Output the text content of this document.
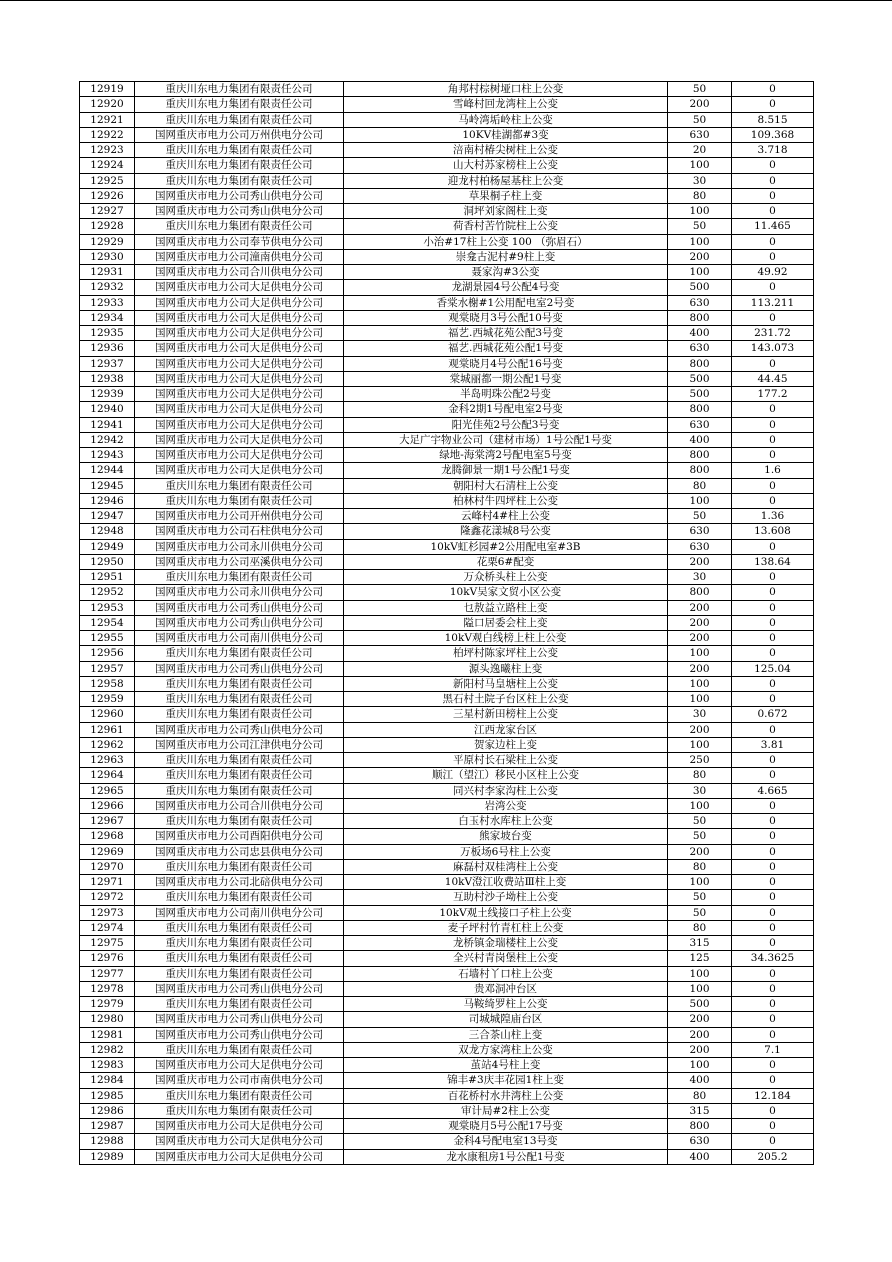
12919	重庆川东电力集团有限责任公司	角邦村棕树垭口柱上公变	50	0
12920	重庆川东电力集团有限责任公司	雪峰村回龙湾柱上公变	200	0
12921	重庆川东电力集团有限责任公司	马岭湾垢岭柱上公变	50	8.515
12922	国网重庆市电力公司万州供电分公司	10KV桂湖都#3变	630	109.368
12923	重庆川东电力集团有限责任公司	涪南村椿尖树柱上公变	20	3.718
12924	重庆川东电力集团有限责任公司	山大村苏家榜柱上公变	100	0
12925	重庆川东电力集团有限责任公司	迎龙村柏杨屋基柱上公变	30	0
12926	国网重庆市电力公司秀山供电分公司	草果桐子柱上变	80	0
12927	国网重庆市电力公司秀山供电分公司	洞坪刘家阁柱上变	100	0
12928	重庆川东电力集团有限责任公司	荷香村苦竹院柱上公变	50	11.465
12929	国网重庆市电力公司奉节供电分公司	小治#17柱上公变 100 （弥眉石）	100	0
12930	国网重庆市电力公司潼南供电分公司	崇龛古泥村#9柱上变	200	0
12931	国网重庆市电力公司合川供电分公司	聂家沟#3公变	100	49.92
12932	国网重庆市电力公司大足供电分公司	龙湖景园4号公配4号变	500	0
12933	国网重庆市电力公司大足供电分公司	香棠水榭#1公用配电室2号变	630	113.211
12934	国网重庆市电力公司大足供电分公司	观棠晓月3号公配10号变	800	0
12935	国网重庆市电力公司大足供电分公司	福艺.西城花苑公配3号变	400	231.72
12936	国网重庆市电力公司大足供电分公司	福艺.西城花苑公配1号变	630	143.073
12937	国网重庆市电力公司大足供电分公司	观棠晓月4号公配16号变	800	0
12938	国网重庆市电力公司大足供电分公司	棠城丽都一期公配1号变	500	44.45
12939	国网重庆市电力公司大足供电分公司	半岛明珠公配2号变	500	177.2
12940	国网重庆市电力公司大足供电分公司	金科2期1号配电室2号变	800	0
12941	国网重庆市电力公司大足供电分公司	阳光佳苑2号公配3号变	630	0
12942	国网重庆市电力公司大足供电分公司	大足广宇物业公司（建材市场）1号公配1号变	400	0
12943	国网重庆市电力公司大足供电分公司	绿地-海棠湾2号配电室5号变	800	0
12944	国网重庆市电力公司大足供电分公司	龙腾御景一期1号公配1号变	800	1.6
12945	重庆川东电力集团有限责任公司	朝阳村大石清柱上公变	80	0
12946	重庆川东电力集团有限责任公司	柏林村牛四坪柱上公变	100	0
12947	国网重庆市电力公司开州供电分公司	云峰村4#柱上公变	50	1.36
12948	国网重庆市电力公司石柱供电分公司	隆鑫花漾城8号公变	630	13.608
12949	国网重庆市电力公司永川供电分公司	10kV虹杉园#2公用配电室#3B	630	0
12950	国网重庆市电力公司巫溪供电分公司	花栗6#配变	200	138.64
12951	重庆川东电力集团有限责任公司	万众桥头柱上公变	30	0
12952	国网重庆市电力公司永川供电分公司	10kV吴家文贸小区公变	800	0
12953	国网重庆市电力公司秀山供电分公司	乜敖益立路柱上变	200	0
12954	国网重庆市电力公司秀山供电分公司	隘口居委会柱上变	200	0
12955	国网重庆市电力公司南川供电分公司	10kV观白线榜上柱上公变	200	0
12956	重庆川东电力集团有限责任公司	柏坪村陈家坪柱上公变	100	0
12957	国网重庆市电力公司秀山供电分公司	源头逸曦柱上变	200	125.04
12958	重庆川东电力集团有限责任公司	新阳村马皇塘柱上公变	100	0
12959	重庆川东电力集团有限责任公司	黑石村土院子台区柱上公变	100	0
12960	重庆川东电力集团有限责任公司	三星村新田榜柱上公变	30	0.672
12961	国网重庆市电力公司秀山供电分公司	江西龙家台区	200	0
12962	国网重庆市电力公司江津供电分公司	贺家边柱上变	100	3.81
12963	重庆川东电力集团有限责任公司	平原村长石梁柱上公变	250	0
12964	重庆川东电力集团有限责任公司	顺江（望江）移民小区柱上公变	80	0
12965	重庆川东电力集团有限责任公司	同兴村李家沟柱上公变	30	4.665
12966	国网重庆市电力公司合川供电分公司	岩湾公变	100	0
12967	重庆川东电力集团有限责任公司	白玉村水库柱上公变	50	0
12968	国网重庆市电力公司酉阳供电分公司	熊家坡台变	50	0
12969	国网重庆市电力公司忠县供电分公司	万板场6号柱上公变	200	0
12970	重庆川东电力集团有限责任公司	麻磊村双桂湾柱上公变	80	0
12971	国网重庆市电力公司北碚供电分公司	10kV澄江收费站Ⅲ柱上变	100	0
12972	重庆川东电力集团有限责任公司	互助村沙子坳柱上公变	50	0
12973	国网重庆市电力公司南川供电分公司	10kV观土线接口子柱上公变	50	0
12974	重庆川东电力集团有限责任公司	麦子坪村竹青杠柱上公变	80	0
12975	重庆川东电力集团有限责任公司	龙桥镇金瑞楼柱上公变	315	0
12976	重庆川东电力集团有限责任公司	全兴村青岗堡柱上公变	125	34.3625
12977	重庆川东电力集团有限责任公司	石墙村丫口柱上公变	100	0
12978	国网重庆市电力公司秀山供电分公司	贵邓洞冲台区	100	0
12979	重庆川东电力集团有限责任公司	马鞍绮罗柱上公变	500	0
12980	国网重庆市电力公司秀山供电分公司	司城城隍庙台区	200	0
12981	国网重庆市电力公司秀山供电分公司	三合茶山柱上变	200	0
12982	重庆川东电力集团有限责任公司	双龙方家湾柱上公变	200	7.1
12983	国网重庆市电力公司大足供电分公司	茧站4号柱上变	100	0
12984	国网重庆市电力公司市南供电分公司	锦丰#3庆丰花园1柱上变	400	0
12985	重庆川东电力集团有限责任公司	百花桥村水井湾柱上公变	80	12.184
12986	重庆川东电力集团有限责任公司	审计局#2柱上公变	315	0
12987	国网重庆市电力公司大足供电分公司	观棠晓月5号公配17号变	800	0
12988	国网重庆市电力公司大足供电分公司	金科4号配电室13号变	630	0
12989	国网重庆市电力公司大足供电分公司	龙水康租房1号公配1号变	400	205.2
